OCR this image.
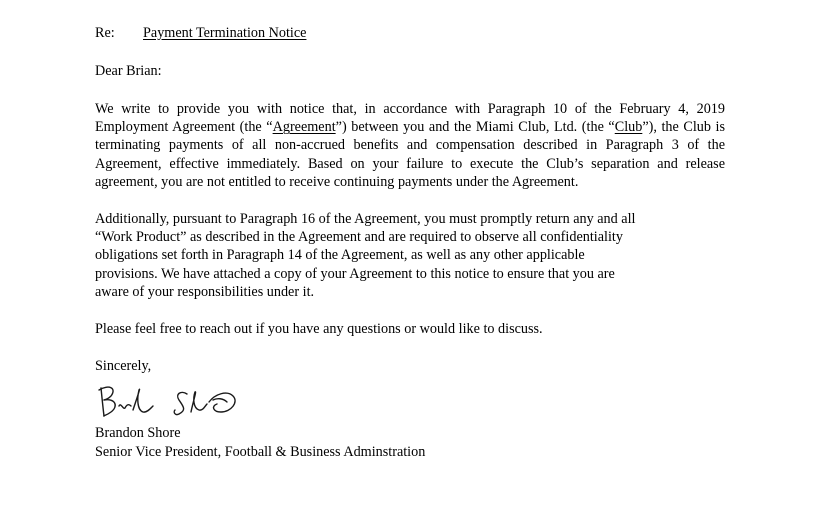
Re: Payment Termination Notice
Dear Brian:
We write to provide you with notice that, in accordance with Paragraph 10 of the February 4, 2019 Employment Agreement (the “Agreement”) between you and the Miami Club, Ltd. (the “Club”), the Club is terminating payments of all non-accrued benefits and compensation described in Paragraph 3 of the Agreement, effective immediately. Based on your failure to execute the Club’s separation and release agreement, you are not entitled to receive continuing payments under the Agreement.
Additionally, pursuant to Paragraph 16 of the Agreement, you must promptly return any and all
“Work Product” as described in the Agreement and are required to observe all confidentiality
obligations set forth in Paragraph 14 of the Agreement, as well as any other applicable
provisions. We have attached a copy of your Agreement to this notice to ensure that you are
aware of your responsibilities under it.
Please feel free to reach out if you have any questions or would like to discuss.
Sincerely,
Brandon Shore
Senior Vice President, Football & Business Adminstration
